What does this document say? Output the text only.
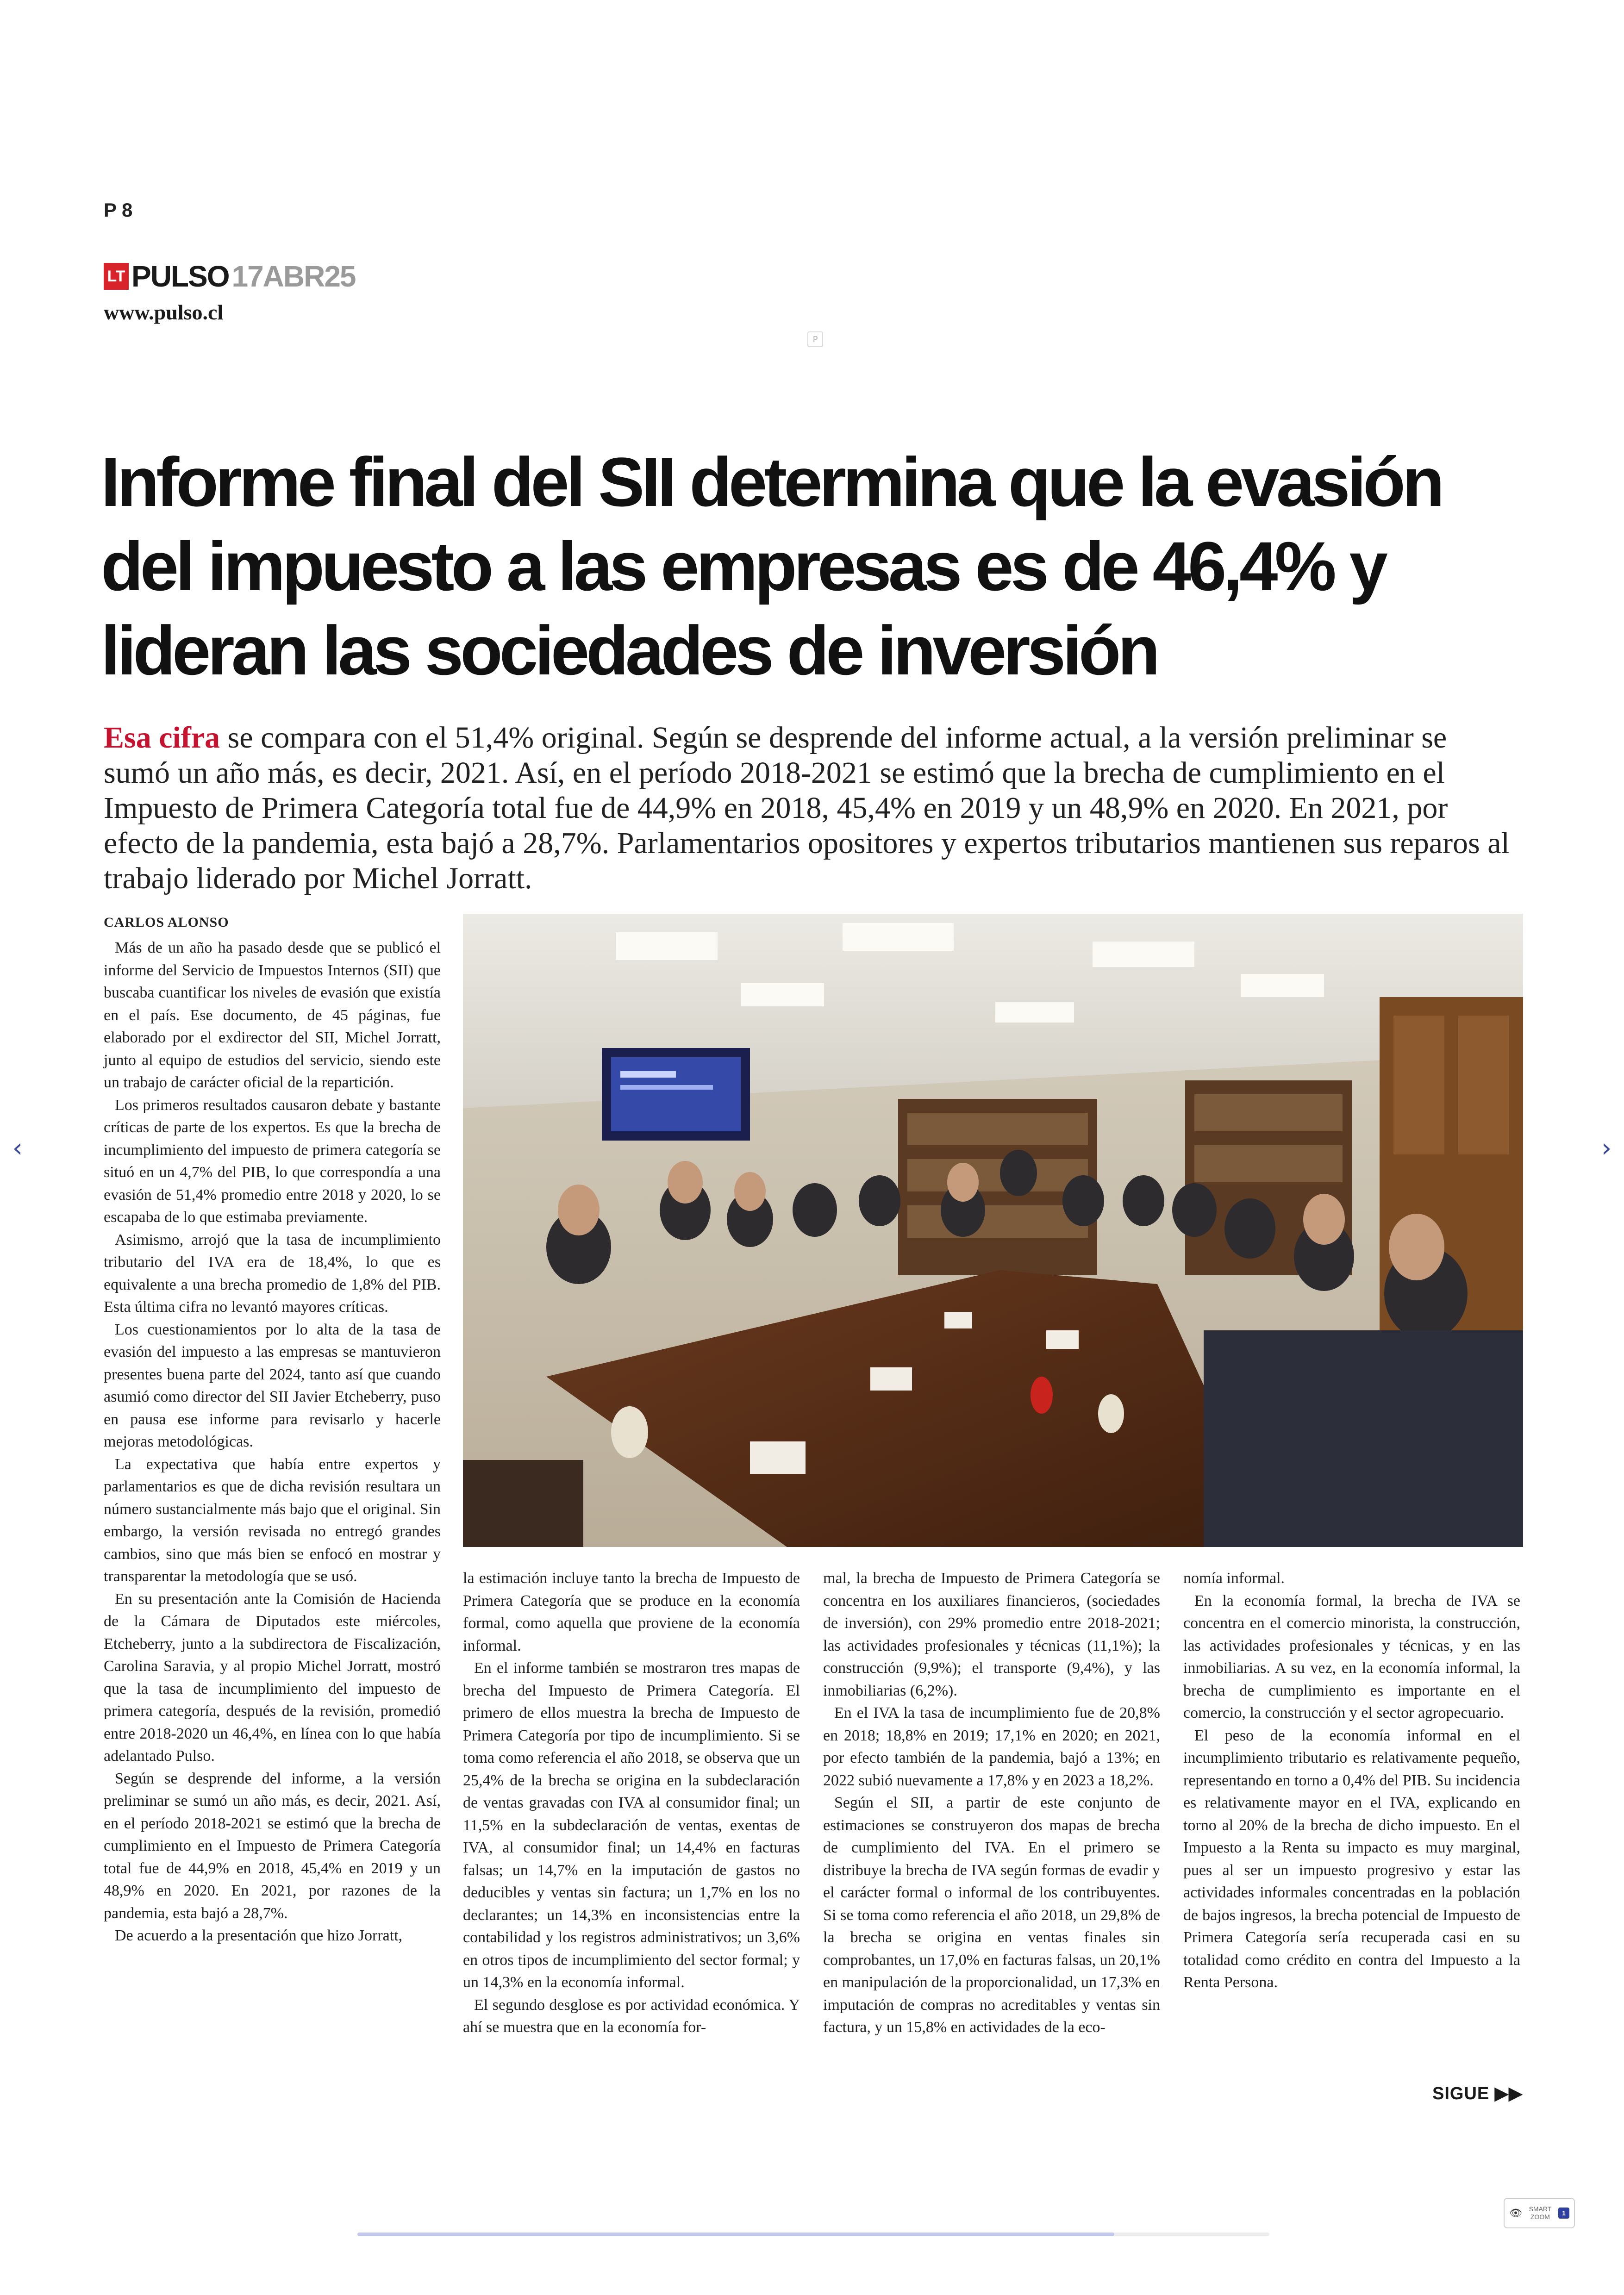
P 8
LT PULSO 17ABR25
www.pulso.cl
P
Informe final del SII determina que la evasión del impuesto a las empresas es de 46,4% y lideran las sociedades de inversión
Esa cifra se compara con el 51,4% original. Según se desprende del informe actual, a la versión preliminar se sumó un año más, es decir, 2021. Así, en el período 2018-2021 se estimó que la brecha de cumplimiento en el Impuesto de Primera Categoría total fue de 44,9% en 2018, 45,4% en 2019 y un 48,9% en 2020. En 2021, por efecto de la pandemia, esta bajó a 28,7%. Parlamentarios opositores y expertos tributarios mantienen sus reparos al trabajo liderado por Michel Jorratt.
CARLOS ALONSO

Más de un año ha pasado desde que se publicó el informe del Servicio de Impuestos Internos (SII) que buscaba cuantificar los niveles de evasión que existía en el país. Ese documento, de 45 páginas, fue elaborado por el exdirector del SII, Michel Jorratt, junto al equipo de estudios del servicio, siendo este un trabajo de carácter oficial de la repartición.

Los primeros resultados causaron debate y bastante críticas de parte de los expertos. Es que la brecha de incumplimiento del impuesto de primera categoría se situó en un 4,7% del PIB, lo que correspondía a una evasión de 51,4% promedio entre 2018 y 2020, lo se escapaba de lo que estimaba previamente.

Asimismo, arrojó que la tasa de incumplimiento tributario del IVA era de 18,4%, lo que es equivalente a una brecha promedio de 1,8% del PIB. Esta última cifra no levantó mayores críticas.

Los cuestionamientos por lo alta de la tasa de evasión del impuesto a las empresas se mantuvieron presentes buena parte del 2024, tanto así que cuando asumió como director del SII Javier Etcheberry, puso en pausa ese informe para revisarlo y hacerle mejoras metodológicas.

La expectativa que había entre expertos y parlamentarios es que de dicha revisión resultara un número sustancialmente más bajo que el original. Sin embargo, la versión revisada no entregó grandes cambios, sino que más bien se enfocó en mostrar y transparentar la metodología que se usó.

En su presentación ante la Comisión de Hacienda de la Cámara de Diputados este miércoles, Etcheberry, junto a la subdirectora de Fiscalización, Carolina Saravia, y al propio Michel Jorratt, mostró que la tasa de incumplimiento del impuesto de primera categoría, después de la revisión, promedió entre 2018-2020 un 46,4%, en línea con lo que había adelantado Pulso.

Según se desprende del informe, a la versión preliminar se sumó un año más, es decir, 2021. Así, en el período 2018-2021 se estimó que la brecha de cumplimiento en el Impuesto de Primera Categoría total fue de 44,9% en 2018, 45,4% en 2019 y un 48,9% en 2020. En 2021, por razones de la pandemia, esta bajó a 28,7%.

De acuerdo a la presentación que hizo Jorratt,

la estimación incluye tanto la brecha de Impuesto de Primera Categoría que se produce en la economía formal, como aquella que proviene de la economía informal.

En el informe también se mostraron tres mapas de brecha del Impuesto de Primera Categoría. El primero de ellos muestra la brecha de Impuesto de Primera Categoría por tipo de incumplimiento. Si se toma como referencia el año 2018, se observa que un 25,4% de la brecha se origina en la subdeclaración de ventas gravadas con IVA al consumidor final; un 11,5% en la subdeclaración de ventas, exentas de IVA, al consumidor final; un 14,4% en facturas falsas; un 14,7% en la imputación de gastos no deducibles y ventas sin factura; un 1,7% en los no declarantes; un 14,3% en inconsistencias entre la contabilidad y los registros administrativos; un 3,6% en otros tipos de incumplimiento del sector formal; y un 14,3% en la economía informal.

El segundo desglose es por actividad económica. Y ahí se muestra que en la economía for-

mal, la brecha de Impuesto de Primera Categoría se concentra en los auxiliares financieros, (sociedades de inversión), con 29% promedio entre 2018-2021; las actividades profesionales y técnicas (11,1%); la construcción (9,9%); el transporte (9,4%), y las inmobiliarias (6,2%).

En el IVA la tasa de incumplimiento fue de 20,8% en 2018; 18,8% en 2019; 17,1% en 2020; en 2021, por efecto también de la pandemia, bajó a 13%; en 2022 subió nuevamente a 17,8% y en 2023 a 18,2%.

Según el SII, a partir de este conjunto de estimaciones se construyeron dos mapas de brecha de cumplimiento del IVA. En el primero se distribuye la brecha de IVA según formas de evadir y el carácter formal o informal de los contribuyentes. Si se toma como referencia el año 2018, un 29,8% de la brecha se origina en ventas finales sin comprobantes, un 17,0% en facturas falsas, un 20,1% en manipulación de la proporcionalidad, un 17,3% en imputación de compras no acreditables y ventas sin factura, y un 15,8% en actividades de la eco-

nomía informal.

En la economía formal, la brecha de IVA se concentra en el comercio minorista, la construcción, las actividades profesionales y técnicas, y en las inmobiliarias. A su vez, en la economía informal, la brecha de cumplimiento es importante en el comercio, la construcción y el sector agropecuario.

El peso de la economía informal en el incumplimiento tributario es relativamente pequeño, representando en torno a 0,4% del PIB. Su incidencia es relativamente mayor en el IVA, explicando en torno al 20% de la brecha de dicho impuesto. En el Impuesto a la Renta su impacto es muy marginal, pues al ser un impuesto progresivo y estar las actividades informales concentradas en la población de bajos ingresos, la brecha potencial de Impuesto de Primera Categoría sería recuperada casi en su totalidad como crédito en contra del Impuesto a la Renta Persona.

SIGUE ▶▶
‹	›
👁	SMART ZOOM	1
